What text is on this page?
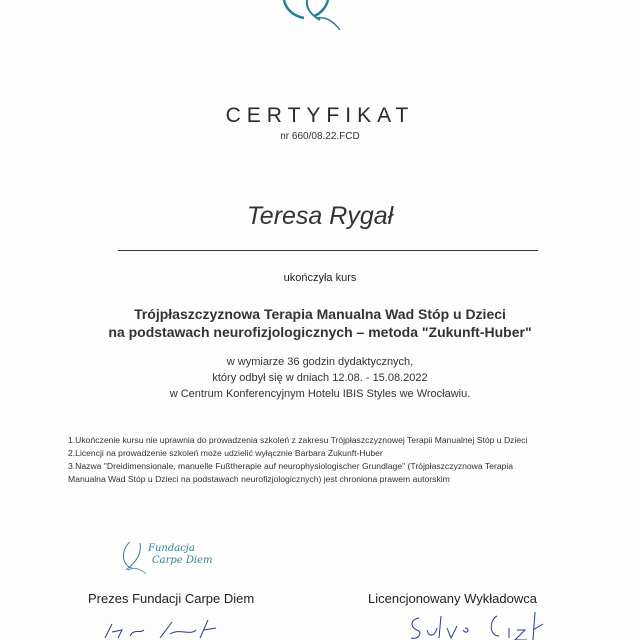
CERTYFIKAT
nr 660/08.22.FCD
Teresa Rygał
ukończyła kurs
Trójpłaszczyznowa Terapia Manualna Wad Stóp u Dzieci
na podstawach neurofizjologicznych – metoda "Zukunft-Huber"
w wymiarze 36 godzin dydaktycznych,
który odbył się w dniach 12.08. - 15.08.2022
w Centrum Konferencyjnym Hotelu IBIS Styles we Wrocławiu.
1.Ukończenie kursu nie uprawnia do prowadzenia szkoleń z zakresu Trójpłaszczyznowej Terapii Manualnej Stóp u Dzieci
2.Licencji na prowadzenie szkoleń może udzielić wyłącznie Barbara Zukunft-Huber
3.Nazwa "Dreidimensionale, manuelle Fußtherapie auf neurophysiologischer Grundlage" (Trójpłaszczyznowa Terapia
Manualna Wad Stóp u Dzieci na podstawach neurofizjologicznych) jest chroniona prawem autorskim
Fundacja
Carpe Diem
Prezes Fundacji Carpe Diem	Licencjonowany Wykładowca
